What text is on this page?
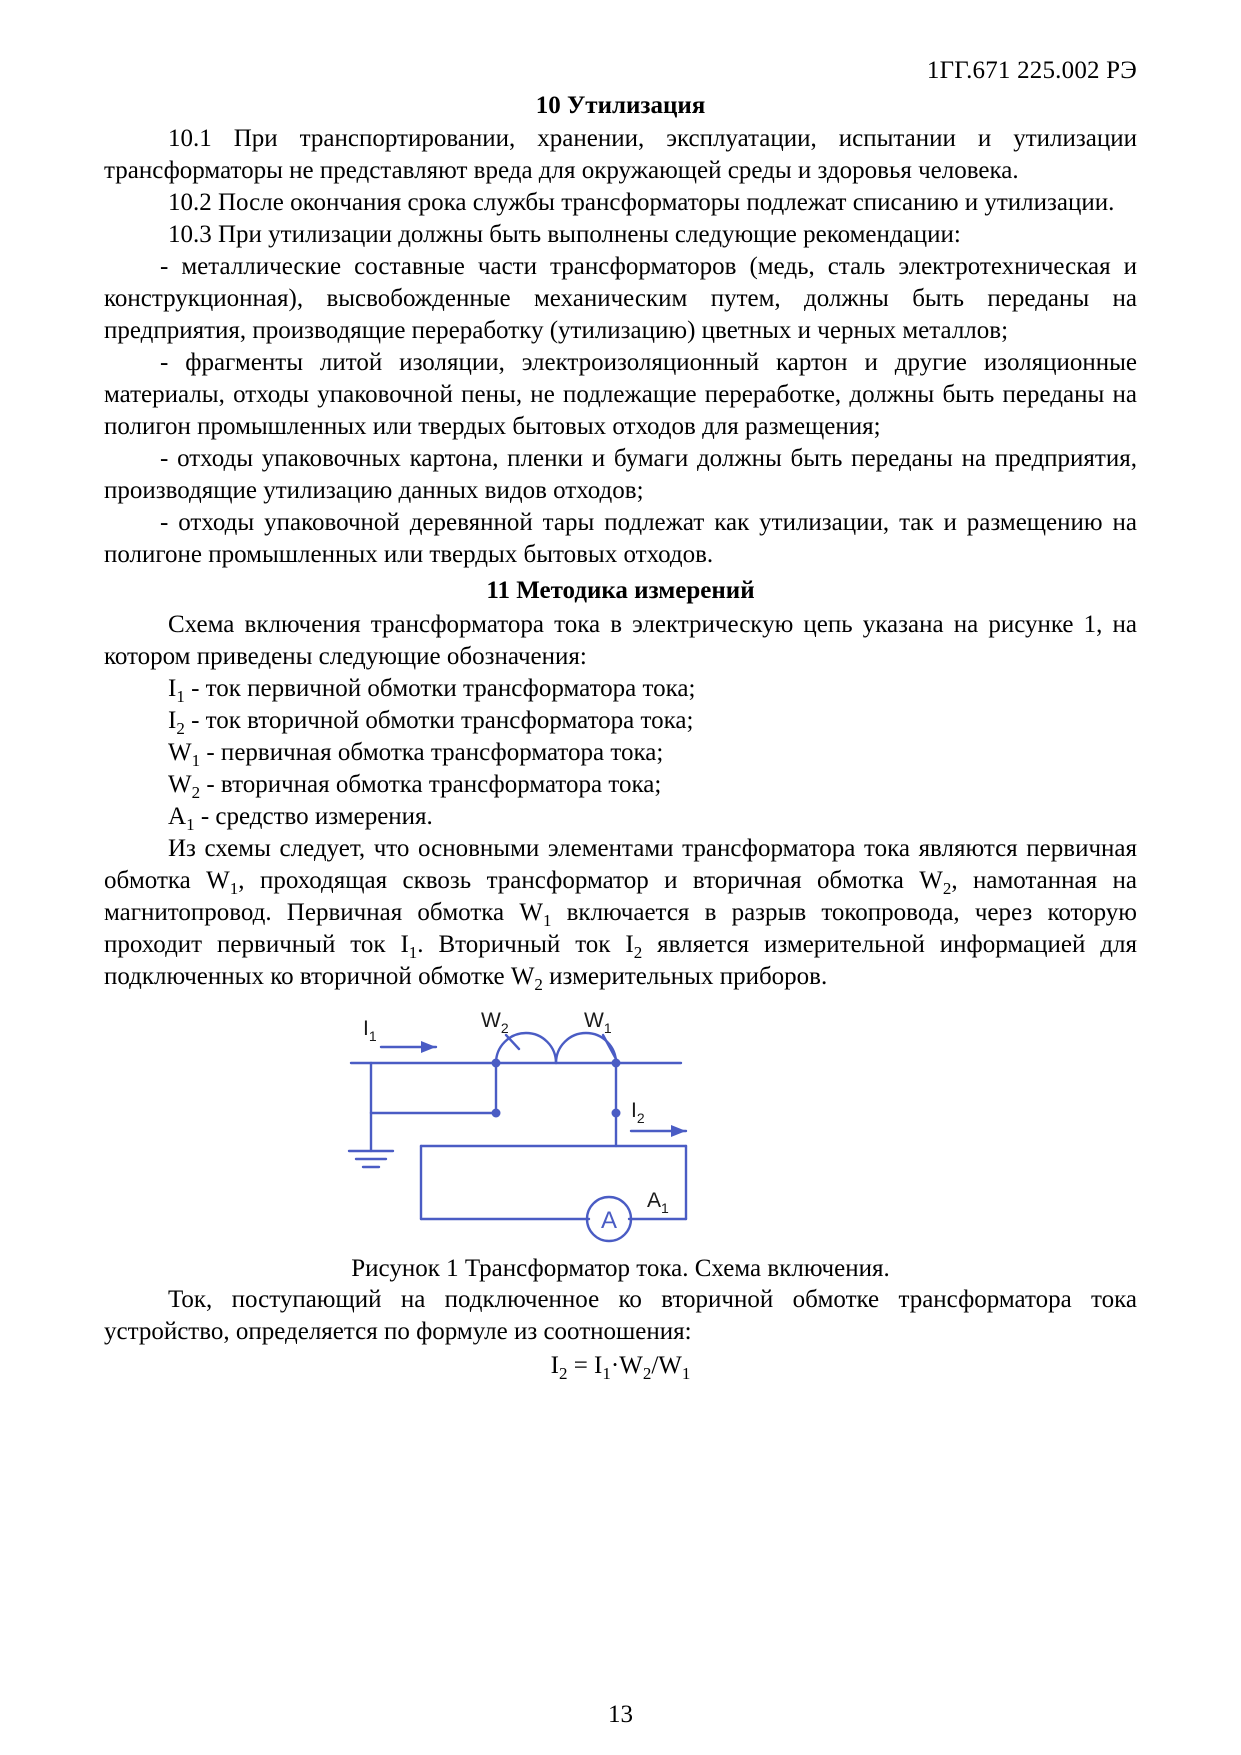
1ГГ.671 225.002 РЭ
10 Утилизация

10.1 При транспортировании, хранении, эксплуатации, испытании и утилизации трансформаторы не представляют вреда для окружающей среды и здоровья человека.

10.2 После окончания срока службы трансформаторы подлежат списанию и утилизации.

10.3 При утилизации должны быть выполнены следующие рекомендации:

- металлические составные части трансформаторов (медь, сталь электротехническая и конструкционная), высвобожденные механическим путем, должны быть переданы на предприятия, производящие переработку (утилизацию) цветных и черных металлов;

- фрагменты литой изоляции, электроизоляционный картон и другие изоляционные материалы, отходы упаковочной пены, не подлежащие переработке, должны быть переданы на полигон промышленных или твердых бытовых отходов для размещения;

- отходы упаковочных картона, пленки и бумаги должны быть переданы на предприятия, производящие утилизацию данных видов отходов;

- отходы упаковочной деревянной тары подлежат как утилизации, так и размещению на полигоне промышленных или твердых бытовых отходов.

11 Методика измерений

Схема включения трансформатора тока в электрическую цепь указана на рисунке 1, на котором приведены следующие обозначения:

$I_1$ - ток первичной обмотки трансформатора тока;

$I_2$ - ток вторичной обмотки трансформатора тока;

$W_1$ - первичная обмотка трансформатора тока;

$W_2$ - вторичная обмотка трансформатора тока;

$A_1$ - средство измерения.

Из схемы следует, что основными элементами трансформатора тока являются первичная обмотка $W_1$, проходящая сквозь трансформатор и вторичная обмотка $W_2$, намотанная на магнитопровод. Первичная обмотка $W_1$ включается в разрыв токопровода, через которую проходит первичный ток $I_1$. Вторичный ток $I_2$ является измерительной информацией для подключенных ко вторичной обмотке $W_2$ измерительных приборов.

$I_1$
$I_2$
$W_2$	$W_1$
$A_1$
A

Рисунок 1 Трансформатор тока. Схема включения.

Ток, поступающий на подключенное ко вторичной обмотке трансформатора тока устройство, определяется по формуле из соотношения:

$I_2 = I_1\cdot W_2/W_1$

13
